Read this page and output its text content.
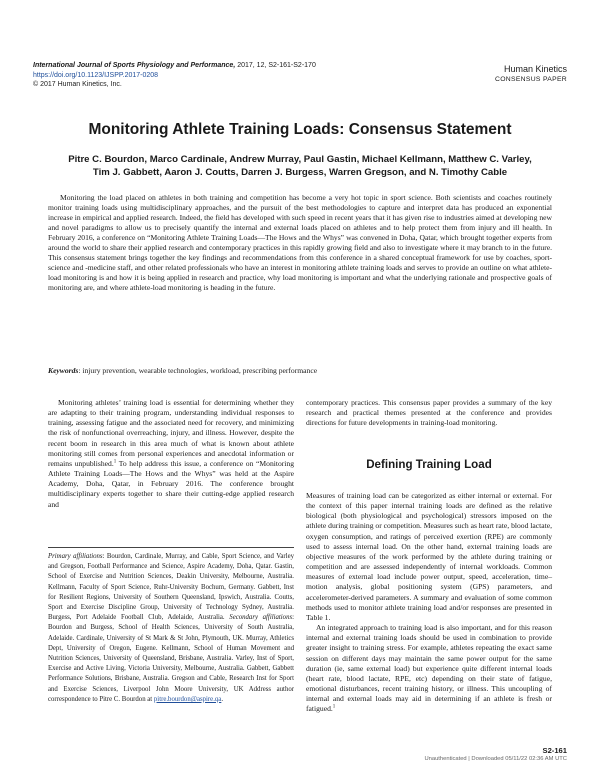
International Journal of Sports Physiology and Performance, 2017, 12, S2-161-S2-170
https://doi.org/10.1123/IJSPP.2017-0208
© 2017 Human Kinetics, Inc.
Human Kinetics
CONSENSUS PAPER
Monitoring Athlete Training Loads: Consensus Statement
Pitre C. Bourdon, Marco Cardinale, Andrew Murray, Paul Gastin, Michael Kellmann, Matthew C. Varley,
Tim J. Gabbett, Aaron J. Coutts, Darren J. Burgess, Warren Gregson, and N. Timothy Cable

Monitoring the load placed on athletes in both training and competition has become a very hot topic in sport science. Both scientists and coaches routinely monitor training loads using multidisciplinary approaches, and the pursuit of the best methodologies to capture and interpret data has produced an exponential increase in empirical and applied research. Indeed, the field has developed with such speed in recent years that it has given rise to industries aimed at developing new and novel paradigms to allow us to precisely quantify the internal and external loads placed on athletes and to help protect them from injury and ill health. In February 2016, a conference on “Monitoring Athlete Training Loads—The Hows and the Whys” was convened in Doha, Qatar, which brought together experts from around the world to share their applied research and contemporary practices in this rapidly growing field and also to investigate where it may branch to in the future. This consensus statement brings together the key findings and recommendations from this conference in a shared conceptual framework for use by coaches, sport-science and -medicine staff, and other related professionals who have an interest in monitoring athlete training loads and serves to provide an outline on what athlete-load monitoring is and how it is being applied in research and practice, why load monitoring is important and what the underlying rationale and prospective goals of monitoring are, and where athlete-load monitoring is heading in the future.

Keywords: injury prevention, wearable technologies, workload, prescribing performance

Monitoring athletes’ training load is essential for determining whether they are adapting to their training program, understanding individual responses to training, assessing fatigue and the associated need for recovery, and minimizing the risk of nonfunctional overreaching, injury, and illness. However, despite the recent boom in research in this area much of what is known about athlete monitoring still comes from personal experiences and anecdotal information or remains unpublished.$^1$ To help address this issue, a conference on “Monitoring Athlete Training Loads—The Hows and the Whys” was held at the Aspire Academy, Doha, Qatar, in February 2016. The conference brought multidisciplinary experts together to share their cutting-edge applied research and

contemporary practices. This consensus paper provides a summary of the key research and practical themes presented at the conference and provides directions for future developments in training-load monitoring.

Defining Training Load

Measures of training load can be categorized as either internal or external. For the context of this paper internal training loads are defined as the relative biological (both physiological and psychological) stressors imposed on the athlete during training or competition. Measures such as heart rate, blood lactate, oxygen consumption, and ratings of perceived exertion (RPE) are commonly used to assess internal load. On the other hand, external training loads are objective measures of the work performed by the athlete during training or competition and are assessed independently of internal workloads. Common measures of external load include power output, speed, acceleration, time–motion analysis, global positioning system (GPS) parameters, and accelerometer-derived parameters. A summary and evaluation of some common methods used to monitor athlete training load and/or responses are presented in Table 1.

An integrated approach to training load is also important, and for this reason internal and external training loads should be used in combination to provide greater insight to training stress. For example, athletes repeating the exact same session on different days may maintain the same power output for the same duration (ie, same external load) but experience quite different internal loads (heart rate, blood lactate, RPE, etc) depending on their state of fatigue, emotional disturbances, recent training history, or illness. This uncoupling of internal and external loads may aid in determining if an athlete is fresh or fatigued.$^1$

Primary affiliations: Bourdon, Cardinale, Murray, and Cable, Sport Science, and Varley and Gregson, Football Performance and Science, Aspire Academy, Doha, Qatar. Gastin, School of Exercise and Nutrition Sciences, Deakin University, Melbourne, Australia. Kellmann, Faculty of Sport Science, Ruhr-University Bochum, Germany. Gabbett, Inst for Resilient Regions, University of Southern Queensland, Ipswich, Australia. Coutts, Sport and Exercise Discipline Group, University of Technology Sydney, Australia. Burgess, Port Adelaide Football Club, Adelaide, Australia. Secondary affiliations: Bourdon and Burgess, School of Health Sciences, University of South Australia, Adelaide. Cardinale, University of St Mark & St John, Plymouth, UK. Murray, Athletics Dept, University of Oregon, Eugene. Kellmann, School of Human Movement and Nutrition Sciences, University of Queensland, Brisbane, Australia. Varley, Inst of Sport, Exercise and Active Living, Victoria University, Melbourne, Australia. Gabbett, Gabbett Performance Solutions, Brisbane, Australia. Gregson and Cable, Research Inst for Sport and Exercise Sciences, Liverpool John Moore University, UK Address author correspondence to Pitre C. Bourdon at pitre.bourdon@aspire.qa.
S2-161
Unauthenticated | Downloaded 05/11/22 02:36 AM UTC
